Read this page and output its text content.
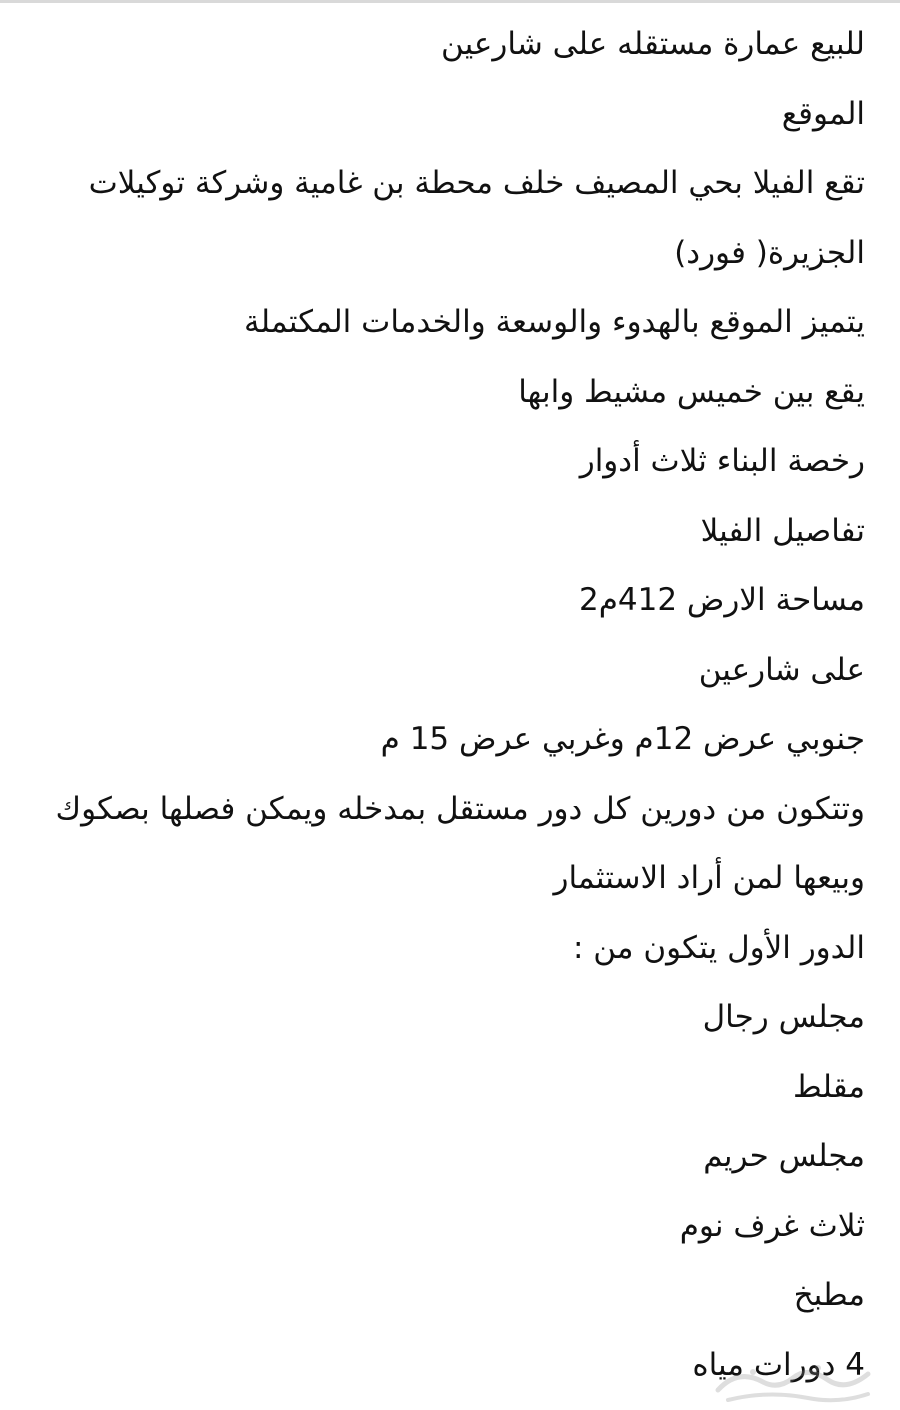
للبيع عمارة مستقله على شارعين
الموقع
تقع الفيلا بحي المصيف خلف محطة بن غامية وشركة توكيلات
الجزيرة( فورد)
يتميز الموقع بالهدوء والوسعة والخدمات المكتملة
يقع بين خميس مشيط وابها
رخصة البناء ثلاث أدوار
تفاصيل الفيلا
مساحة الارض 412م2
على شارعين
جنوبي عرض 12م وغربي عرض 15 م
وتتكون من دورين كل دور مستقل بمدخله ويمكن فصلها بصكوك
وبيعها لمن أراد الاستثمار
الدور الأول يتكون من :
مجلس رجال
مقلط
مجلس حريم
ثلاث غرف نوم
مطبخ
4 دورات مياه
